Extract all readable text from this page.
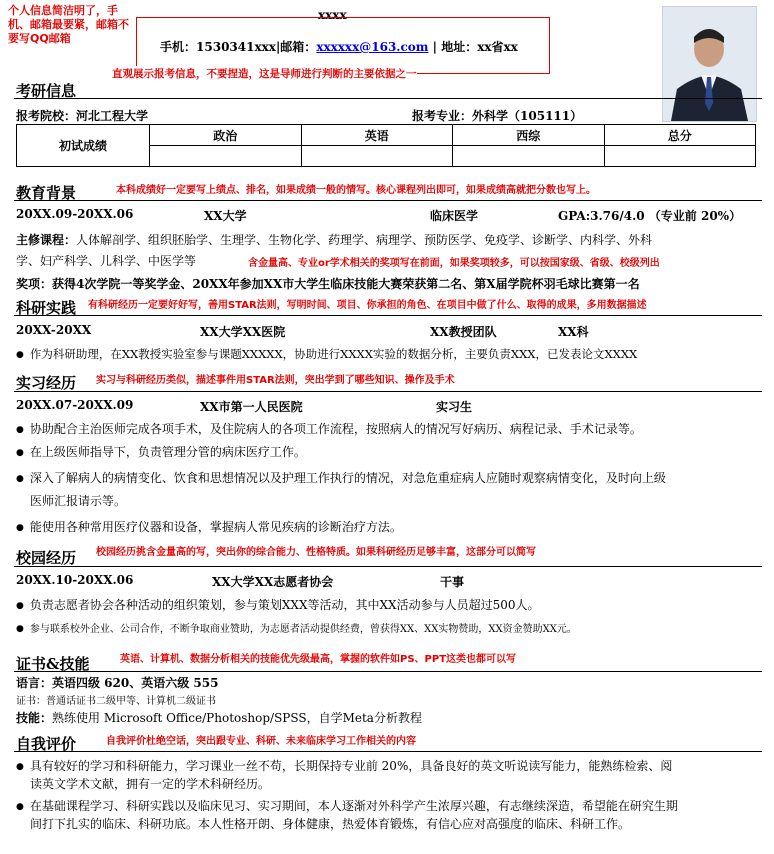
xxxx
个人信息简洁明了，手机、邮箱最要紧，邮箱不要写QQ邮箱
手机：1530341xxx|邮箱：xxxxxx@163.com | 地址：xx省xx
直观展示报考信息，不要捏造，这是导师进行判断的主要依据之一
考研信息
报考院校：河北工程大学	报考专业：外科学（105111）
初试成绩	政治	英语	西综	总分

教育背景	本科成绩好一定要写上绩点、排名，如果成绩一般的情写。核心课程列出即可，如果成绩高就把分数也写上。
20XX.09-20XX.06	XX大学	临床医学	GPA:3.76/4.0 （专业前 20%）
主修课程：人体解剖学、组织胚胎学、生理学、生物化学、药理学、病理学、预防医学、免疫学、诊断学、内科学、外科
学、妇产科学、儿科学、中医学等	含金量高、专业or学术相关的奖项写在前面，如果奖项较多，可以按国家级、省级、校级列出
奖项：获得4次学院一等奖学金、20XX年参加XX市大学生临床技能大赛荣获第二名、第X届学院杯羽毛球比赛第一名
科研实践 有科研经历一定要好好写，善用STAR法则，写明时间、项目、你承担的角色、在项目中做了什么、取得的成果，多用数据描述
20XX-20XX	XX大学XX医院	XX教授团队	XX科
● 作为科研助理，在XX教授实验室参与课题XXXXX，协助进行XXXX实验的数据分析，主要负责XXX，已发表论文XXXX
实习经历 实习与科研经历类似，描述事件用STAR法则，突出学到了哪些知识、操作及手术
20XX.07-20XX.09	XX市第一人民医院	实习生
● 协助配合主治医师完成各项手术，及住院病人的各项工作流程，按照病人的情况写好病历、病程记录、手术记录等。
● 在上级医师指导下，负责管理分管的病床医疗工作。
● 深入了解病人的病情变化、饮食和思想情况以及护理工作执行的情况，对急危重症病人应随时观察病情变化，及时向上级
医师汇报请示等。
● 能使用各种常用医疗仪器和设备，掌握病人常见疾病的诊断治疗方法。
校园经历 校园经历挑含金量高的写，突出你的综合能力、性格特质。如果科研经历足够丰富，这部分可以简写
20XX.10-20XX.06	XX大学XX志愿者协会	干事
● 负责志愿者协会各种活动的组织策划，参与策划XXX等活动，其中XX活动参与人员超过500人。
● 参与联系校外企业、公司合作，不断争取商业赞助，为志愿者活动提供经费，曾获得XX、XX实物赞助，XX资金赞助XX元。
证书&技能	英语、计算机、数据分析相关的技能优先级最高，掌握的软件如PS、PPT这类也都可以写
语言：英语四级 620、英语六级 555
证书：普通话证书二级甲等、计算机二级证书
技能：熟练使用 Microsoft Office/Photoshop/SPSS，自学Meta分析教程
自我评价	自我评价杜绝空话，突出跟专业、科研、未来临床学习工作相关的内容
● 具有较好的学习和科研能力，学习课业一丝不苟，长期保持专业前 20%，具备良好的英文听说读写能力，能熟练检索、阅
读英文学术文献，拥有一定的学术科研经历。
● 在基础课程学习、科研实践以及临床见习、实习期间，本人逐渐对外科学产生浓厚兴趣，有志继续深造，希望能在研究生期
间打下扎实的临床、科研功底。本人性格开朗、身体健康，热爱体育锻炼，有信心应对高强度的临床、科研工作。
